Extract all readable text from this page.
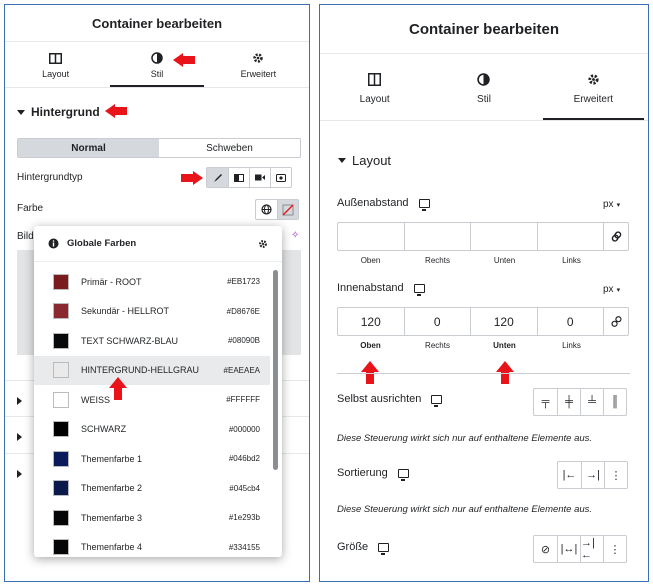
Container bearbeiten
Layout	Stil	Erweitert
Hintergrund
Normal	Schweben
Hintergrundtyp
Farbe
Bild	✧
Globale Farben
Primär - ROOT	#EB1723
Sekundär - HELLROT	#D8676E
TEXT SCHWARZ-BLAU	#08090B
HINTERGRUND-HELLGRAU	#EAEAEA
WEISS	#FFFFFF
SCHWARZ	#000000
Themenfarbe 1	#046bd2
Themenfarbe 2	#045cb4
Themenfarbe 3	#1e293b
Themenfarbe 4	#334155
Container bearbeiten
Layout	Stil	Erweitert
Layout
Außenabstand	px ▾
Oben	Rechts	Unten	Links
Innenabstand	px ▾
120	0	120	0
Oben	Rechts	Unten	Links
Selbst ausrichten	╤	╪	╧	║
Diese Steuerung wirkt sich nur auf enthaltene Elemente aus.
Sortierung	|← →| ⋮
Diese Steuerung wirkt sich nur auf enthaltene Elemente aus.
Größe	⊘ |↔| →|←	⋮
